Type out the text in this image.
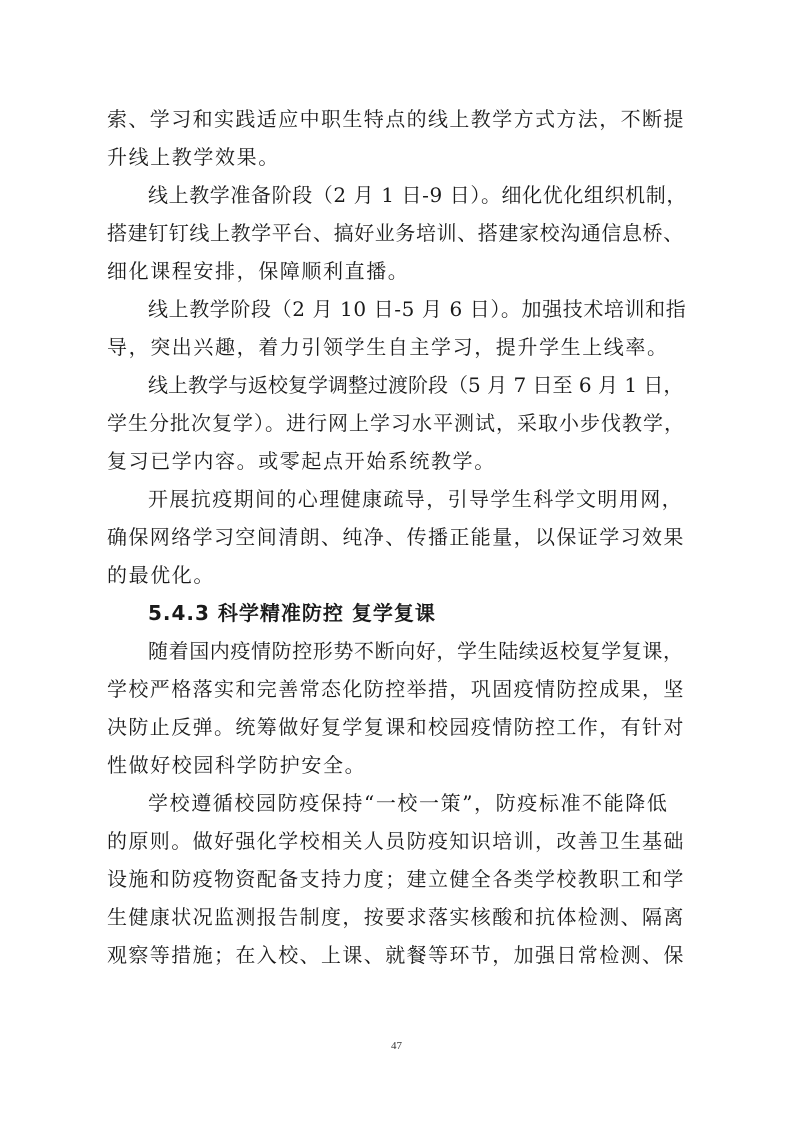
索、学习和实践适应中职生特点的线上教学方式方法，不断提
升线上教学效果。
线上教学准备阶段（2 月 1 日-9 日）。细化优化组织机制，
搭建钉钉线上教学平台、搞好业务培训、搭建家校沟通信息桥、
细化课程安排，保障顺利直播。
线上教学阶段（2 月 10 日-5 月 6 日）。加强技术培训和指
导，突出兴趣，着力引领学生自主学习，提升学生上线率。
线上教学与返校复学调整过渡阶段（5 月 7 日至 6 月 1 日，
学生分批次复学）。进行网上学习水平测试，采取小步伐教学，
复习已学内容。或零起点开始系统教学。
开展抗疫期间的心理健康疏导，引导学生科学文明用网，
确保网络学习空间清朗、纯净、传播正能量，以保证学习效果
的最优化。
5.4.3 科学精准防控 复学复课
随着国内疫情防控形势不断向好，学生陆续返校复学复课，
学校严格落实和完善常态化防控举措，巩固疫情防控成果，坚
决防止反弹。统筹做好复学复课和校园疫情防控工作，有针对
性做好校园科学防护安全。
学校遵循校园防疫保持“一校一策”，防疫标准不能降低
的原则。做好强化学校相关人员防疫知识培训，改善卫生基础
设施和防疫物资配备支持力度；建立健全各类学校教职工和学
生健康状况监测报告制度，按要求落实核酸和抗体检测、隔离
观察等措施；在入校、上课、就餐等环节，加强日常检测、保
47
